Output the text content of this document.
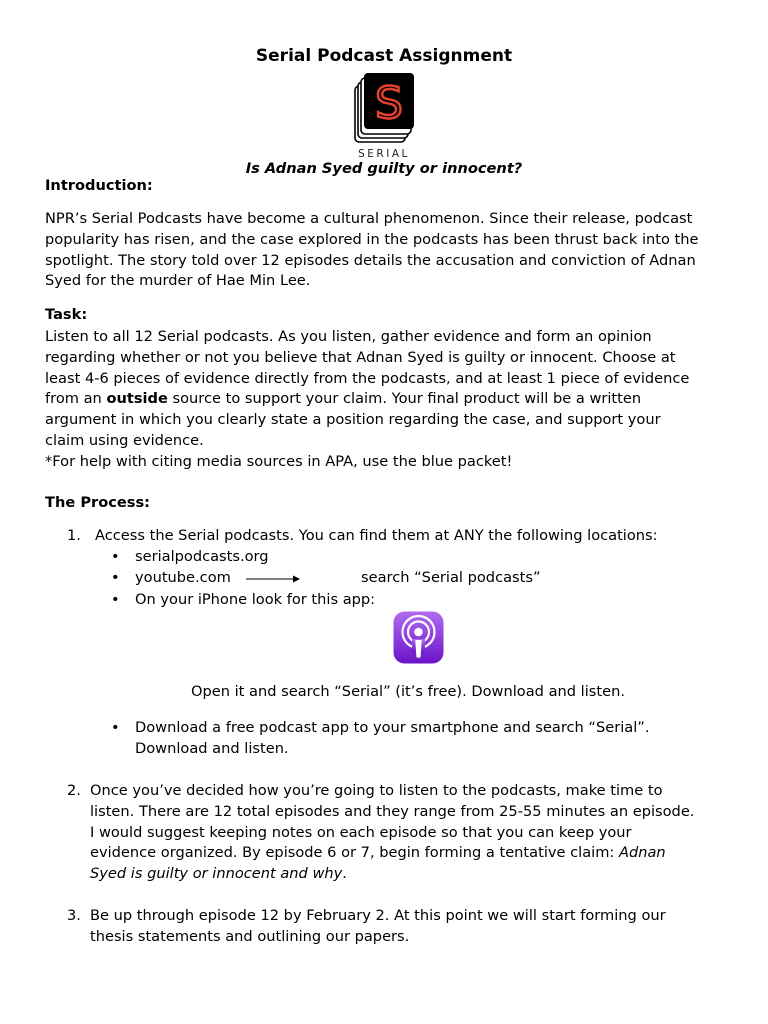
Serial Podcast Assignment
S
SERIAL
Is Adnan Syed guilty or innocent?
Introduction:
NPR’s Serial Podcasts have become a cultural phenomenon. Since their release, podcast
popularity has risen, and the case explored in the podcasts has been thrust back into the
spotlight. The story told over 12 episodes details the accusation and conviction of Adnan
Syed for the murder of Hae Min Lee.
Task:
Listen to all 12 Serial podcasts. As you listen, gather evidence and form an opinion
regarding whether or not you believe that Adnan Syed is guilty or innocent. Choose at
least 4-6 pieces of evidence directly from the podcasts, and at least 1 piece of evidence
from an outside source to support your claim. Your final product will be a written
argument in which you clearly state a position regarding the case, and support your
claim using evidence.
*For help with citing media sources in APA, use the blue packet!
The Process:
1. Access the Serial podcasts. You can find them at ANY the following locations:
• serialpodcasts.org
• youtube.com	search “Serial podcasts”
• On your iPhone look for this app:
Open it and search “Serial” (it’s free). Download and listen.
• Download a free podcast app to your smartphone and search “Serial”.
Download and listen.
2. Once you’ve decided how you’re going to listen to the podcasts, make time to
listen. There are 12 total episodes and they range from 25-55 minutes an episode.
I would suggest keeping notes on each episode so that you can keep your
evidence organized. By episode 6 or 7, begin forming a tentative claim: Adnan
Syed is guilty or innocent and why.
3. Be up through episode 12 by February 2. At this point we will start forming our
thesis statements and outlining our papers.
